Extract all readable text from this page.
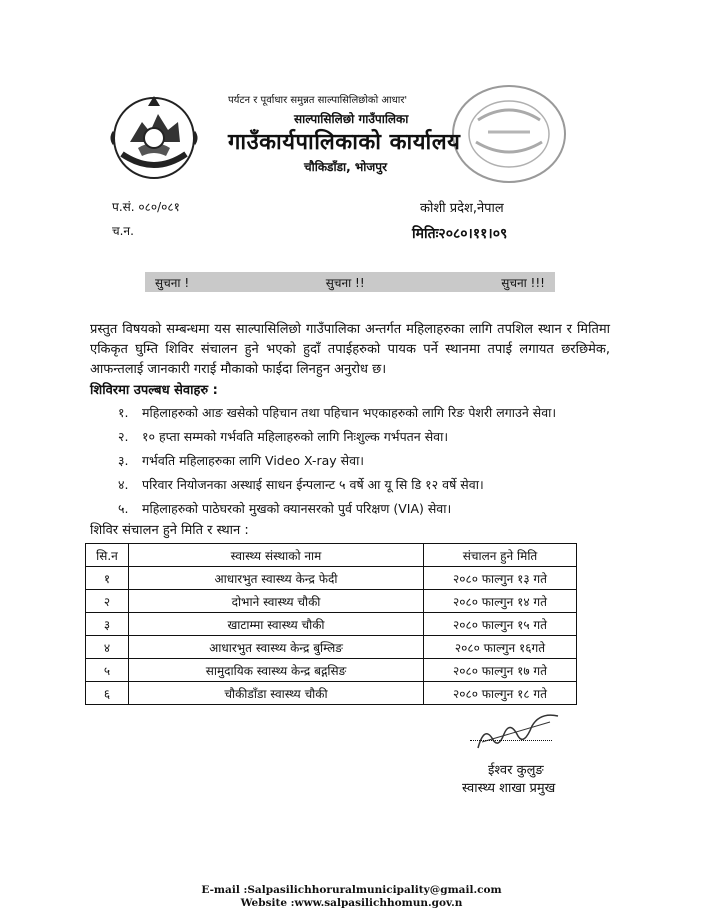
पर्यटन र पूर्वाधार समुन्नत साल्पासिलिछोको आधार'
साल्पासिलिछो गाउँपालिका
गाउँकार्यपालिकाको कार्यालय
चौकिडाँडा, भोजपुर
प.सं. ०८०/०८१
च.न.
कोशी प्रदेश,नेपाल
मितिः२०८०।११।०९
सुचना !	सुचना !!	सुचना !!!
प्रस्तुत विषयको सम्बन्धमा यस साल्पासिलिछो गाउँपालिका अन्तर्गत महिलाहरुका लागि तपशिल स्थान र मितिमा एकिकृत घुम्ति शिविर संचालन हुने भएको हुदाँ तपाईहरुको पायक पर्ने स्थानमा तपाई लगायत छरछिमेक, आफन्तलाई जानकारी गराई मौकाको फाईदा लिनहुन अनुरोध छ।
शिविरमा उपल्बध सेवाहरु :
१. महिलाहरुको आङ खसेको पहिचान तथा पहिचान भएकाहरुको लागि रिङ पेशरी लगाउने सेवा।
२. १० हप्ता सम्मको गर्भवति महिलाहरुको लागि निःशुल्क गर्भपतन सेवा।
३. गर्भवति महिलाहरुका लागि Video X-ray सेवा।
४. परिवार नियोजनका अस्थाई साधन ईन्पलान्ट ५ वर्षे आ यू सि डि १२ वर्षे सेवा।
५. महिलाहरुको पाठेघरको मुखको क्यानसरको पुर्व परिक्षण (VIA) सेवा।
शिविर संचालन हुने मिति र स्थान :
सि.न	स्वास्थ्य संस्थाको नाम	संचालन हुने मिति
१	आधारभुत स्वास्थ्य केन्द्र फेदी	२०८० फाल्गुन १३ गते
२	दोभाने स्वास्थ्य चौकी	२०८० फाल्गुन १४ गते
३	खाटाम्मा स्वास्थ्य चौकी	२०८० फाल्गुन १५ गते
४	आधारभुत स्वास्थ्य केन्द्र बुम्लिङ	२०८० फाल्गुन १६गते
५	सामुदायिक स्वास्थ्य केन्द्र बद्गसिङ	२०८० फाल्गुन १७ गते
६	चौकीडाँडा स्वास्थ्य चौकी	२०८० फाल्गुन १८ गते
ईश्वर कुलुङ
स्वास्थ्य शाखा प्रमुख
E-mail :Salpasilichhoruralmunicipality@gmail.com
Website :www.salpasilichhomun.gov.n
